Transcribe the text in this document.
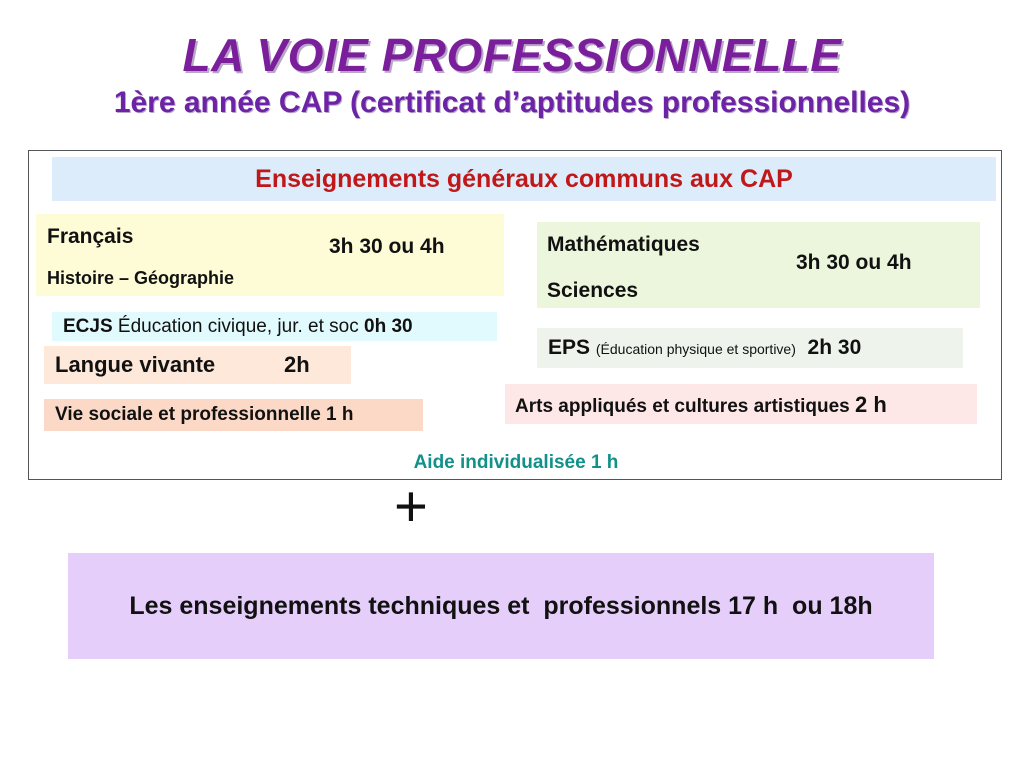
LA VOIE PROFESSIONNELLE
1ère année CAP (certificat d’aptitudes professionnelles)
Enseignements généraux communs aux CAP
Français
Histoire – Géographie
3h 30 ou 4h	Mathématiques
Sciences
3h 30 ou 4h
ECJS Éducation civique, jur. et soc 0h 30
EPS (Éducation physique et sportive) 2h 30
Langue vivante	2h
Vie sociale et professionnelle 1 h	Arts appliqués et cultures artistiques 2 h
Aide individualisée 1 h
+
Les enseignements techniques et  professionnels 17 h  ou 18h
